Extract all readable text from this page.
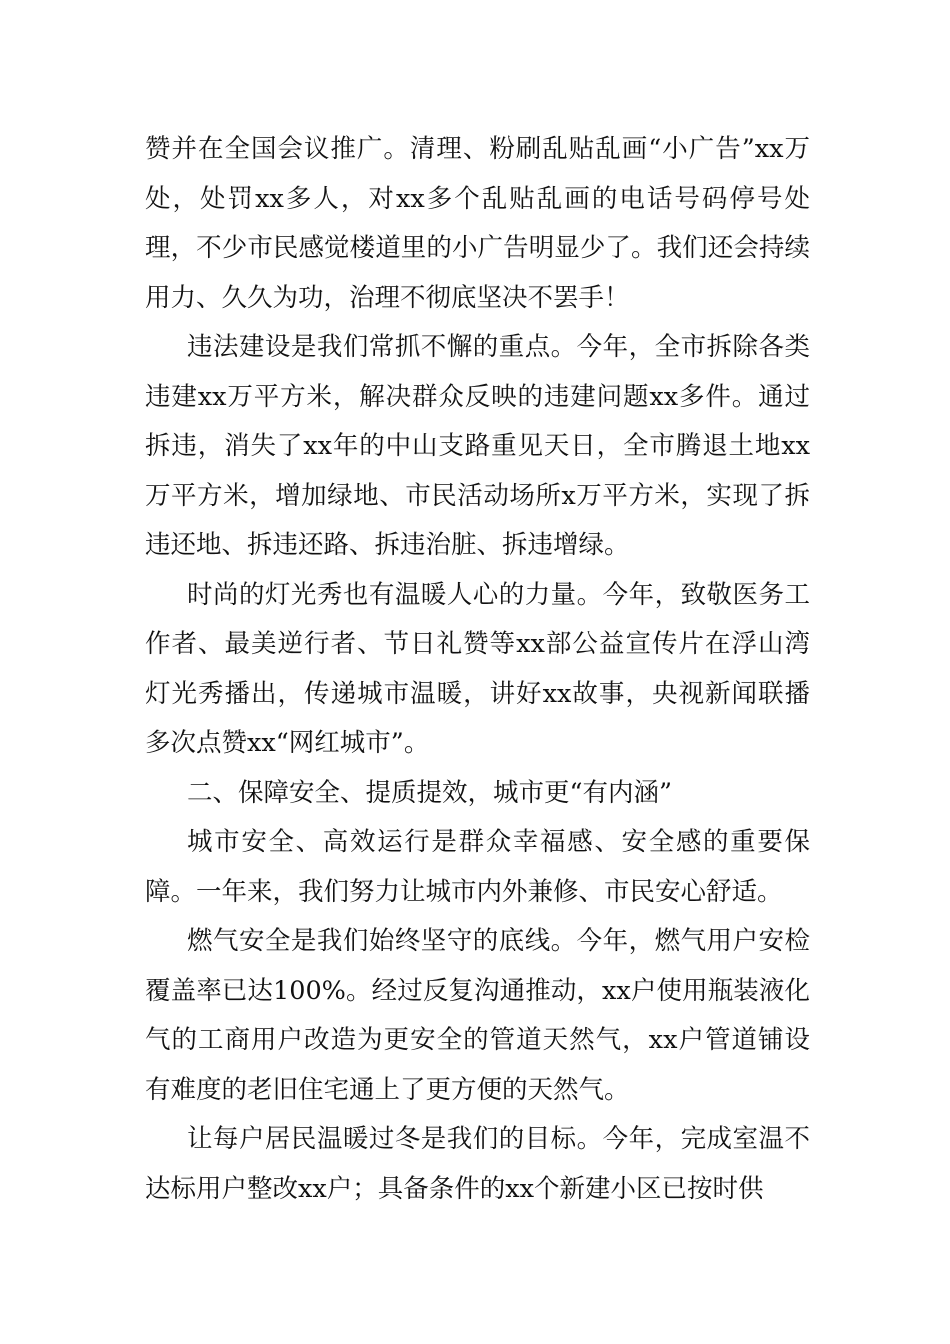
赞并在全国会议推广。清理、粉刷乱贴乱画“小广告”xx万处，处罚xx多人，对xx多个乱贴乱画的电话号码停号处理，不少市民感觉楼道里的小广告明显少了。我们还会持续用力、久久为功，治理不彻底坚决不罢手！

违法建设是我们常抓不懈的重点。今年，全市拆除各类违建xx万平方米，解决群众反映的违建问题xx多件。通过拆违，消失了xx年的中山支路重见天日，全市腾退土地xx万平方米，增加绿地、市民活动场所x万平方米，实现了拆违还地、拆违还路、拆违治脏、拆违增绿。

时尚的灯光秀也有温暖人心的力量。今年，致敬医务工作者、最美逆行者、节日礼赞等xx部公益宣传片在浮山湾灯光秀播出，传递城市温暖，讲好xx故事，央视新闻联播多次点赞xx“网红城市”。

二、保障安全、提质提效，城市更“有内涵”

城市安全、高效运行是群众幸福感、安全感的重要保障。一年来，我们努力让城市内外兼修、市民安心舒适。

燃气安全是我们始终坚守的底线。今年，燃气用户安检覆盖率已达100%。经过反复沟通推动，xx户使用瓶装液化气的工商用户改造为更安全的管道天然气，xx户管道铺设有难度的老旧住宅通上了更方便的天然气。

让每户居民温暖过冬是我们的目标。今年，完成室温不达标用户整改xx户；具备条件的xx个新建小区已按时供
